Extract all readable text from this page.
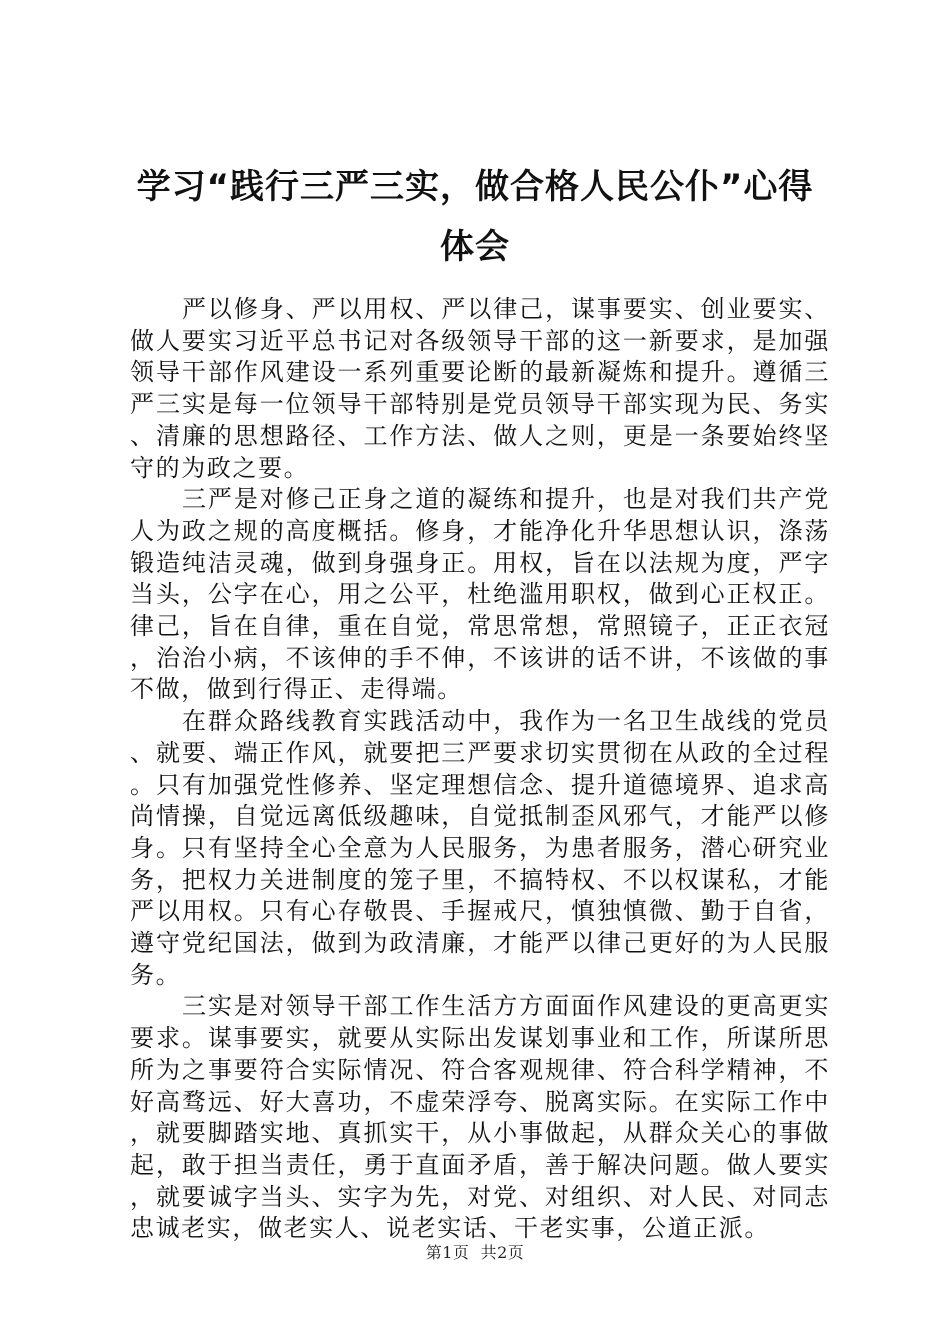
学习“践行三严三实，做合格人民公仆”心得
体会

严以修身、严以用权、严以律己，谋事要实、创业要实、做人要实习近平总书记对各级领导干部的这一新要求，是加强领导干部作风建设一系列重要论断的最新凝炼和提升。遵循三严三实是每一位领导干部特别是党员领导干部实现为民、务实、清廉的思想路径、工作方法、做人之则，更是一条要始终坚守的为政之要。

三严是对修己正身之道的凝练和提升，也是对我们共产党人为政之规的高度概括。修身，才能净化升华思想认识，涤荡锻造纯洁灵魂，做到身强身正。用权，旨在以法规为度，严字当头，公字在心，用之公平，杜绝滥用职权，做到心正权正。律己，旨在自律，重在自觉，常思常想，常照镜子，正正衣冠，治治小病，不该伸的手不伸，不该讲的话不讲，不该做的事不做，做到行得正、走得端。

在群众路线教育实践活动中，我作为一名卫生战线的党员、就要、端正作风，就要把三严要求切实贯彻在从政的全过程。只有加强党性修养、坚定理想信念、提升道德境界、追求高尚情操，自觉远离低级趣味，自觉抵制歪风邪气，才能严以修身。只有坚持全心全意为人民服务，为患者服务，潜心研究业务，把权力关进制度的笼子里，不搞特权、不以权谋私，才能严以用权。只有心存敬畏、手握戒尺，慎独慎微、勤于自省，遵守党纪国法，做到为政清廉，才能严以律己更好的为人民服务。

三实是对领导干部工作生活方方面面作风建设的更高更实要求。谋事要实，就要从实际出发谋划事业和工作，所谋所思所为之事要符合实际情况、符合客观规律、符合科学精神，不好高骛远、好大喜功，不虚荣浮夸、脱离实际。在实际工作中，就要脚踏实地、真抓实干，从小事做起，从群众关心的事做起，敢于担当责任，勇于直面矛盾，善于解决问题。做人要实，就要诚字当头、实字为先，对党、对组织、对人民、对同志忠诚老实，做老实人、说老实话、干老实事，公道正派。

第1页  共2页
